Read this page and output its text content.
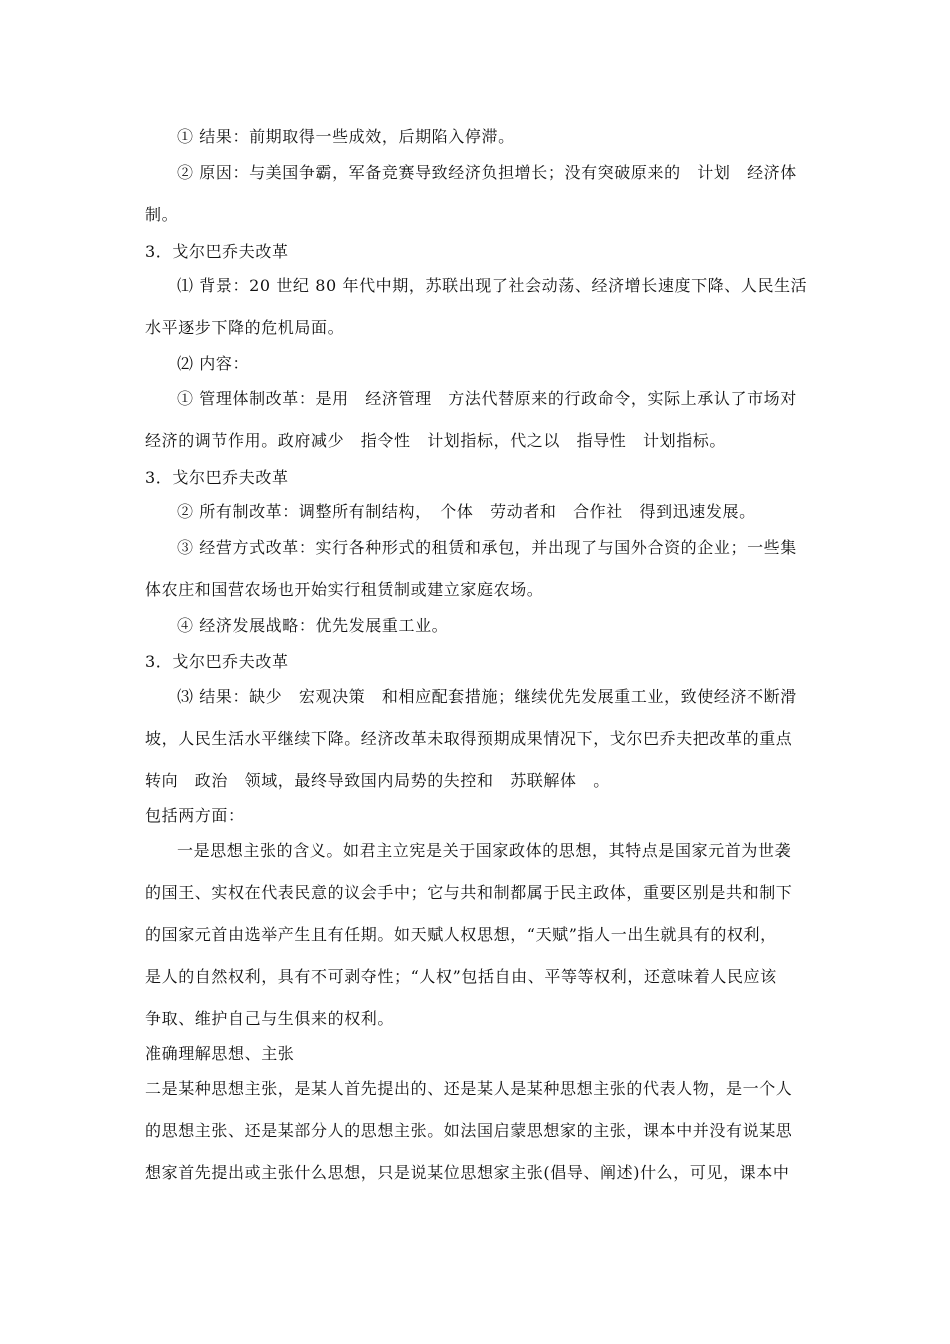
① 结果：前期取得一些成效，后期陷入停滞。
② 原因：与美国争霸，军备竞赛导致经济负担增长；没有突破原来的　计划　经济体
制。
3．戈尔巴乔夫改革
⑴ 背景：20 世纪 80 年代中期，苏联出现了社会动荡、经济增长速度下降、人民生活
水平逐步下降的危机局面。
⑵ 内容：
① 管理体制改革：是用　经济管理　方法代替原来的行政命令，实际上承认了市场对
经济的调节作用。政府减少　指令性　计划指标，代之以　指导性　计划指标。
3．戈尔巴乔夫改革
② 所有制改革：调整所有制结构，　个体　劳动者和　合作社　得到迅速发展。
③ 经营方式改革：实行各种形式的租赁和承包，并出现了与国外合资的企业；一些集
体农庄和国营农场也开始实行租赁制或建立家庭农场。
④ 经济发展战略：优先发展重工业。
3．戈尔巴乔夫改革
⑶ 结果：缺少　宏观决策　和相应配套措施；继续优先发展重工业，致使经济不断滑
坡，人民生活水平继续下降。经济改革未取得预期成果情况下，戈尔巴乔夫把改革的重点
转向　政治　领域，最终导致国内局势的失控和　苏联解体　。
包括两方面：
一是思想主张的含义。如君主立宪是关于国家政体的思想，其特点是国家元首为世袭
的国王、实权在代表民意的议会手中；它与共和制都属于民主政体，重要区别是共和制下
的国家元首由选举产生且有任期。如天赋人权思想，“天赋”指人一出生就具有的权利，
是人的自然权利，具有不可剥夺性；“人权”包括自由、平等等权利，还意味着人民应该
争取、维护自己与生俱来的权利。
准确理解思想、主张
二是某种思想主张，是某人首先提出的、还是某人是某种思想主张的代表人物，是一个人
的思想主张、还是某部分人的思想主张。如法国启蒙思想家的主张，课本中并没有说某思
想家首先提出或主张什么思想，只是说某位思想家主张(倡导、阐述)什么，可见，课本中
